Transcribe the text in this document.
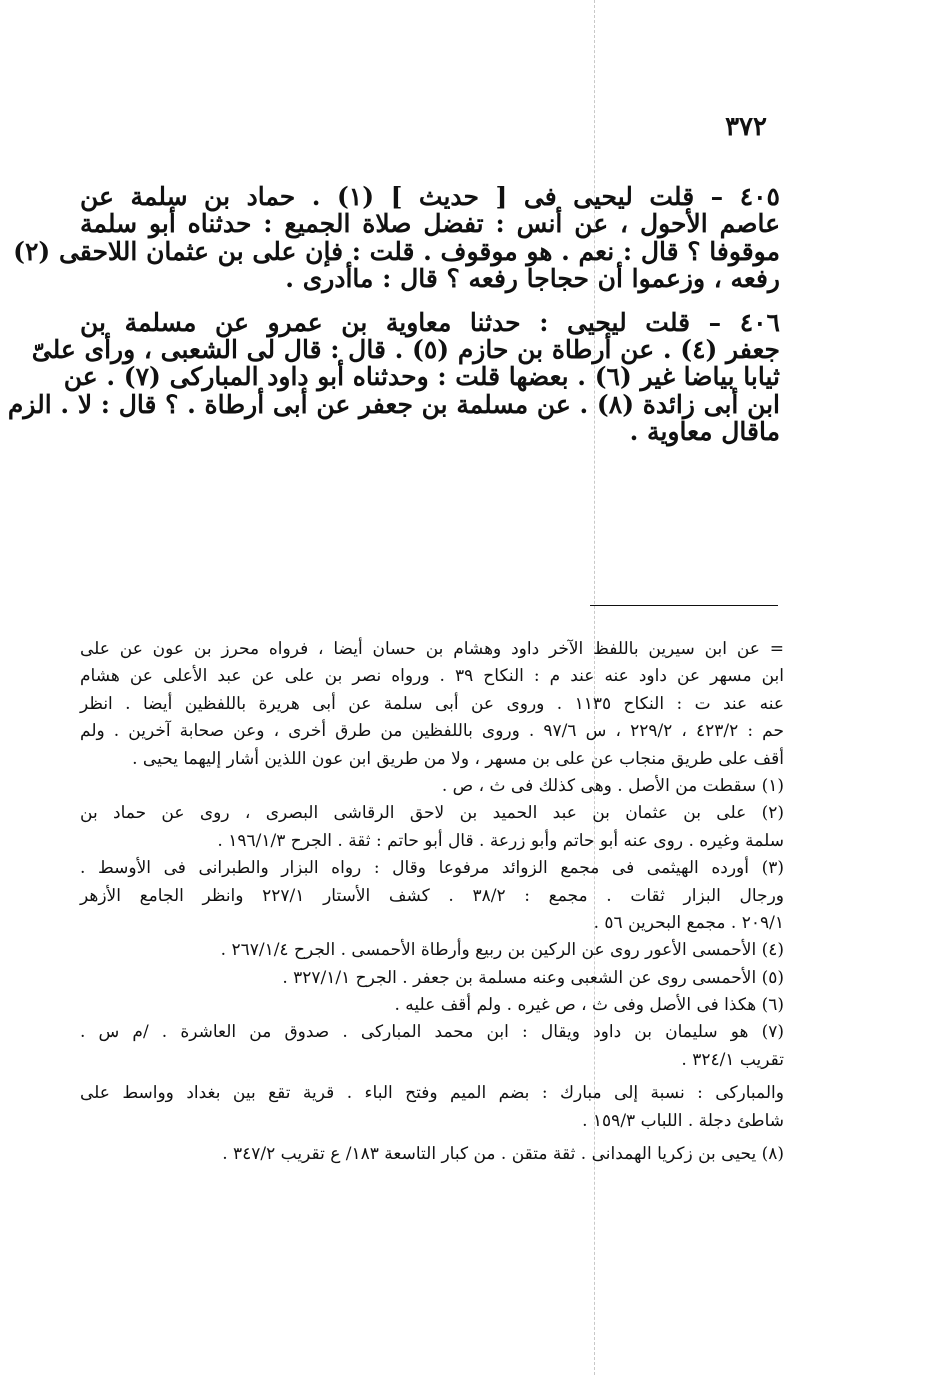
٣٧٢
٤٠٥ – قلت ليحيى فى [ حديث ] (١) . حماد بن سلمة عن
عاصم الأحول ، عن أنس : تفضل صلاة الجميع : حدثناه أبو سلمة
موقوفا ؟ قال : نعم . هو موقوف . قلت : فإن على بن عثمان اللاحقى (٢)
رفعه ، وزعموا أن حجاجا رفعه ؟ قال : ماأدرى .
٤٠٦ – قلت ليحيى : حدثنا معاوية بن عمرو عن مسلمة بن
جعفر (٤) . عن أرطاة بن حازم (٥) . قال : قال لى الشعبى ، ورأى علىّ
ثيابا بياضا غير (٦) . بعضها قلت : وحدثناه أبو داود المباركى (٧) . عن
ابن أبى زائدة (٨) . عن مسلمة بن جعفر عن أبى أرطاة . ؟ قال : لا . الزم
ماقال معاوية .
= عن ابن سيرين باللفظ الآخر داود وهشام بن حسان أيضا ، فرواه محرز بن عون عن على
ابن مسهر عن داود عنه عند م : النكاح ٣٩ . ورواه نصر بن على عن عبد الأعلى عن هشام
عنه عند ت : النكاح ١١٣٥ . وروى عن أبى سلمة عن أبى هريرة باللفظين أيضا . انظر
حم : ٤٢٣/٢ ، ٢٢٩/٢ ، س ٩٧/٦ . وروى باللفظين من طرق أخرى ، وعن صحابة آخرين . ولم
أقف على طريق منجاب عن على بن مسهر ، ولا من طريق ابن عون اللذين أشار إليهما يحيى .
(١) سقطت من الأصل . وهى كذلك فى ث ، ص .
(٢) على بن عثمان بن عبد الحميد بن لاحق الرقاشى البصرى ، روى عن حماد بن
سلمة وغيره . روى عنه أبو حاتم وأبو زرعة . قال أبو حاتم : ثقة . الجرح ١٩٦/١/٣ .
(٣) أورده الهيثمى فى مجمع الزوائد مرفوعا وقال : رواه البزار والطبرانى فى الأوسط .
ورجال البزار ثقات . مجمع : ٣٨/٢ . كشف الأستار ٢٢٧/١ وانظر الجامع الأزهر
٢٠٩/١ . مجمع البحرين ٥٦ .
(٤) الأحمسى الأعور روى عن الركين بن ربيع وأرطاة الأحمسى . الجرح ٢٦٧/١/٤ .
(٥) الأحمسى روى عن الشعبى وعنه مسلمة بن جعفر . الجرح ٣٢٧/١/١ .
(٦) هكذا فى الأصل وفى ث ، ص غيره . ولم أقف عليه .
(٧) هو سليمان بن داود ويقال : ابن محمد المباركى . صدوق من العاشرة . /م س .
تقريب ٣٢٤/١ .
والمباركى : نسبة إلى مبارك : بضم الميم وفتح الباء . قرية تقع بين بغداد وواسط على
شاطئ دجلة . اللباب ١٥٩/٣ .
(٨) يحيى بن زكريا الهمدانى . ثقة متقن . من كبار التاسعة ١٨٣/ ع تقريب ٣٤٧/٢ .
